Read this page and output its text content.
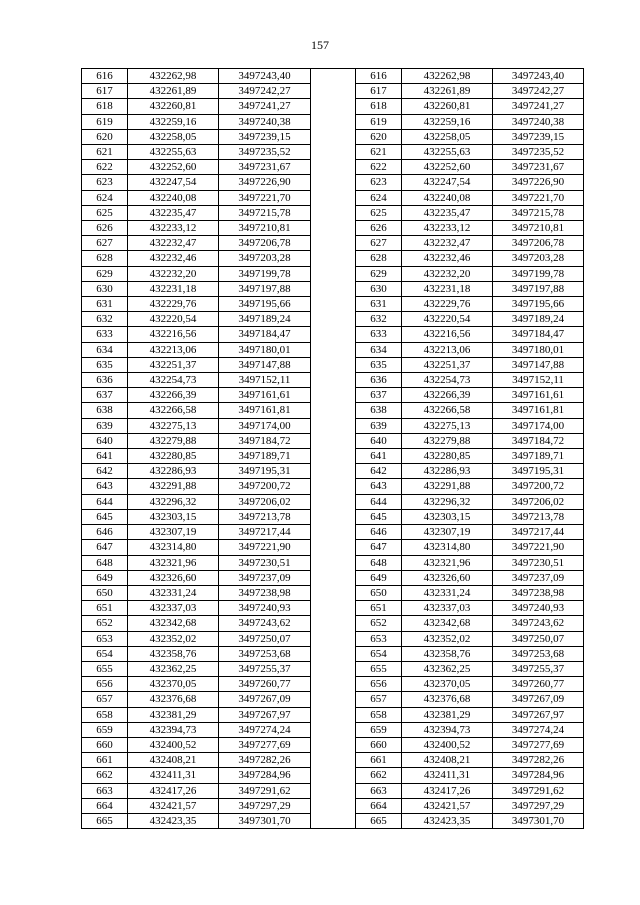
157
616	432262,98	3497243,40		616	432262,98	3497243,40
617	432261,89	3497242,27		617	432261,89	3497242,27
618	432260,81	3497241,27		618	432260,81	3497241,27
619	432259,16	3497240,38		619	432259,16	3497240,38
620	432258,05	3497239,15		620	432258,05	3497239,15
621	432255,63	3497235,52		621	432255,63	3497235,52
622	432252,60	3497231,67		622	432252,60	3497231,67
623	432247,54	3497226,90		623	432247,54	3497226,90
624	432240,08	3497221,70		624	432240,08	3497221,70
625	432235,47	3497215,78		625	432235,47	3497215,78
626	432233,12	3497210,81		626	432233,12	3497210,81
627	432232,47	3497206,78		627	432232,47	3497206,78
628	432232,46	3497203,28		628	432232,46	3497203,28
629	432232,20	3497199,78		629	432232,20	3497199,78
630	432231,18	3497197,88		630	432231,18	3497197,88
631	432229,76	3497195,66		631	432229,76	3497195,66
632	432220,54	3497189,24		632	432220,54	3497189,24
633	432216,56	3497184,47		633	432216,56	3497184,47
634	432213,06	3497180,01		634	432213,06	3497180,01
635	432251,37	3497147,88		635	432251,37	3497147,88
636	432254,73	3497152,11		636	432254,73	3497152,11
637	432266,39	3497161,61		637	432266,39	3497161,61
638	432266,58	3497161,81		638	432266,58	3497161,81
639	432275,13	3497174,00		639	432275,13	3497174,00
640	432279,88	3497184,72		640	432279,88	3497184,72
641	432280,85	3497189,71		641	432280,85	3497189,71
642	432286,93	3497195,31		642	432286,93	3497195,31
643	432291,88	3497200,72		643	432291,88	3497200,72
644	432296,32	3497206,02		644	432296,32	3497206,02
645	432303,15	3497213,78		645	432303,15	3497213,78
646	432307,19	3497217,44		646	432307,19	3497217,44
647	432314,80	3497221,90		647	432314,80	3497221,90
648	432321,96	3497230,51		648	432321,96	3497230,51
649	432326,60	3497237,09		649	432326,60	3497237,09
650	432331,24	3497238,98		650	432331,24	3497238,98
651	432337,03	3497240,93		651	432337,03	3497240,93
652	432342,68	3497243,62		652	432342,68	3497243,62
653	432352,02	3497250,07		653	432352,02	3497250,07
654	432358,76	3497253,68		654	432358,76	3497253,68
655	432362,25	3497255,37		655	432362,25	3497255,37
656	432370,05	3497260,77		656	432370,05	3497260,77
657	432376,68	3497267,09		657	432376,68	3497267,09
658	432381,29	3497267,97		658	432381,29	3497267,97
659	432394,73	3497274,24		659	432394,73	3497274,24
660	432400,52	3497277,69		660	432400,52	3497277,69
661	432408,21	3497282,26		661	432408,21	3497282,26
662	432411,31	3497284,96		662	432411,31	3497284,96
663	432417,26	3497291,62		663	432417,26	3497291,62
664	432421,57	3497297,29		664	432421,57	3497297,29
665	432423,35	3497301,70		665	432423,35	3497301,70
